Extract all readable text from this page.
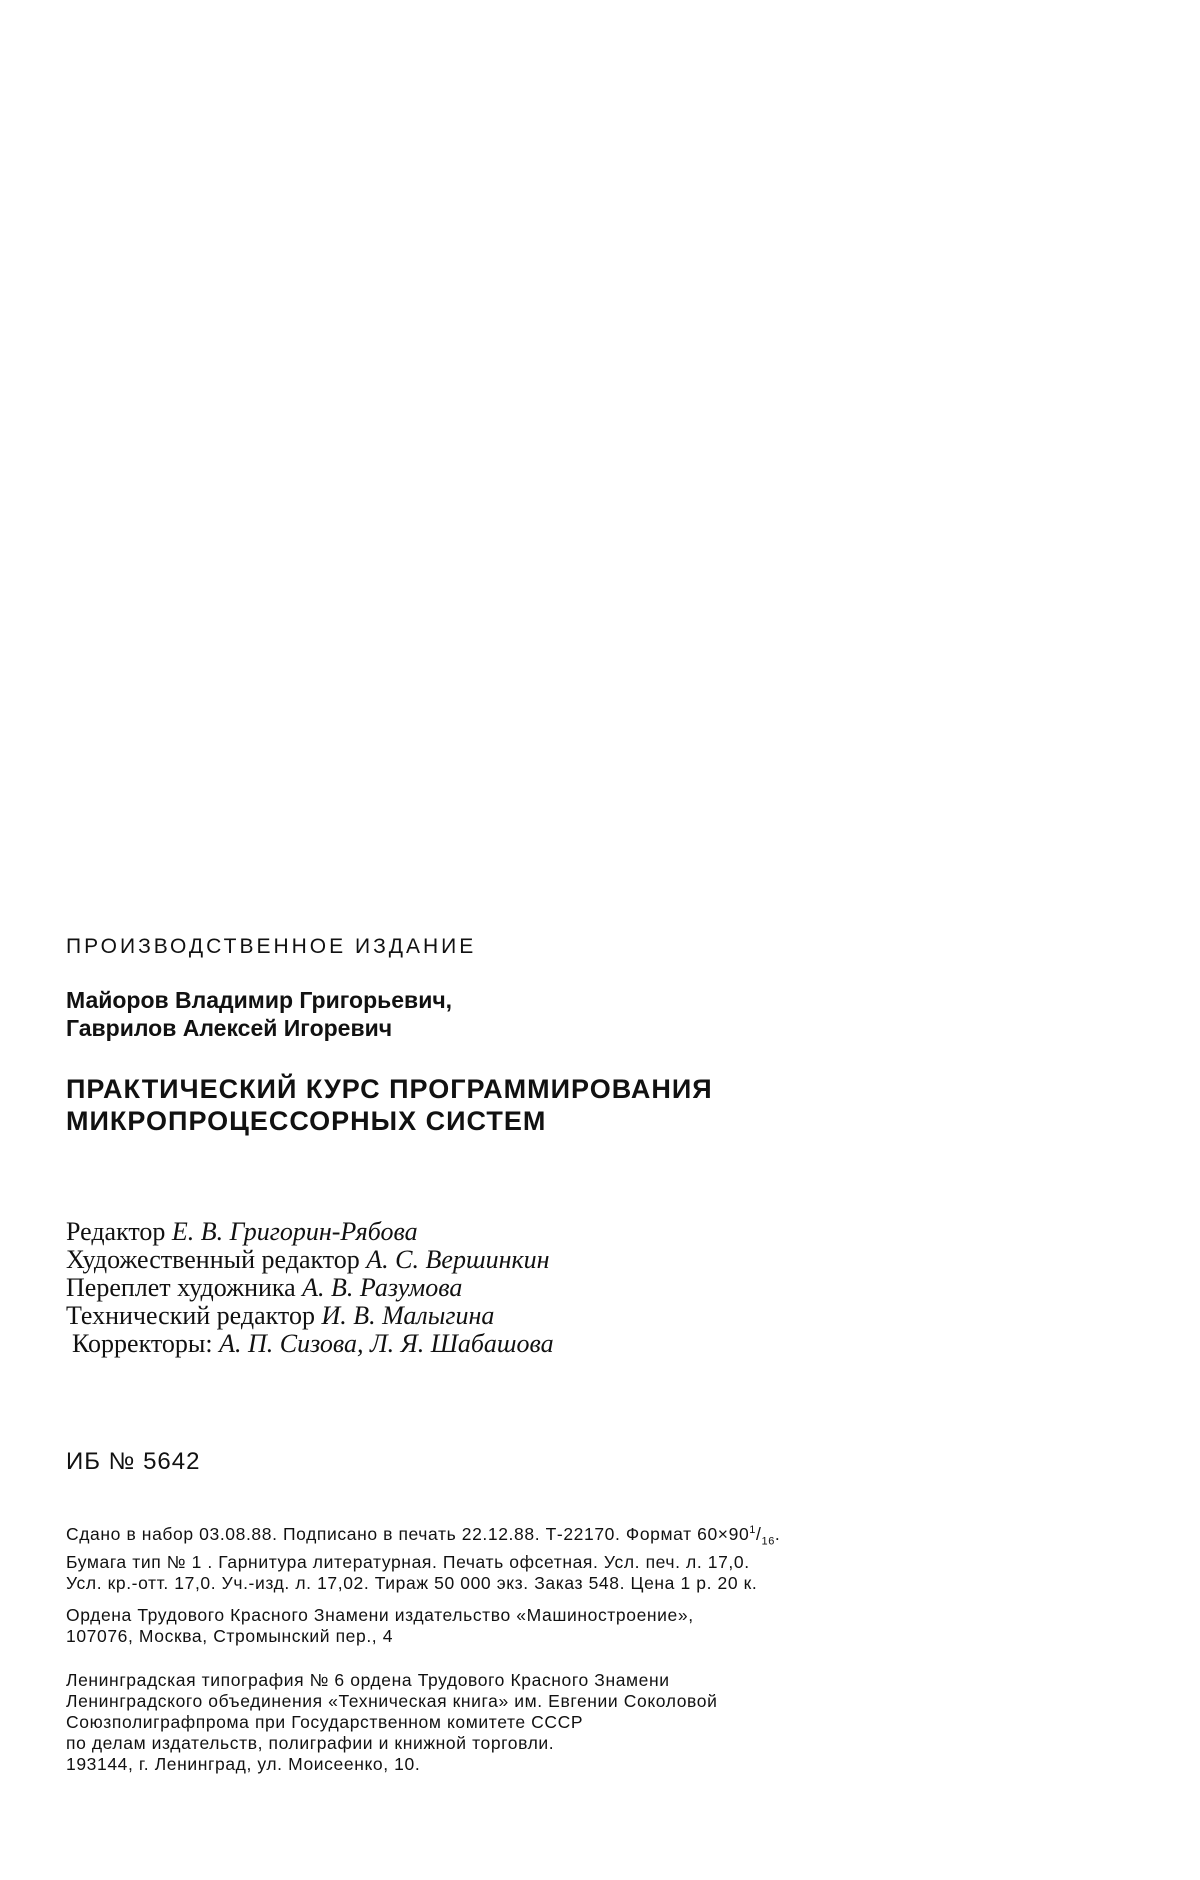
ПРОИЗВОДСТВЕННОЕ ИЗДАНИЕ
Майоров Владимир Григорьевич,
Гаврилов Алексей Игоревич
ПРАКТИЧЕСКИЙ КУРС ПРОГРАММИРОВАНИЯ
МИКРОПРОЦЕССОРНЫХ СИСТЕМ
Редактор Е. В. Григорин-Рябова
Художественный редактор А. С. Вершинкин
Переплет художника А. В. Разумова
Технический редактор И. В. Малыгина
Корректоры: А. П. Сизова, Л. Я. Шабашова
ИБ № 5642
Сдано в набор 03.08.88. Подписано в печать 22.12.88. Т-22170. Формат $60\times 90^1/_{16}$.
Бумага тип № 1 . Гарнитура литературная. Печать офсетная. Усл. печ. л. 17,0.
Усл. кр.-отт. 17,0. Уч.-изд. л. 17,02. Тираж 50 000 экз. Заказ 548. Цена 1 р. 20 к.
Ордена Трудового Красного Знамени издательство «Машиностроение»,
107076, Москва, Стромынский пер., 4
Ленинградская типография № 6 ордена Трудового Красного Знамени
Ленинградского объединения «Техническая книга» им. Евгении Соколовой
Союзполиграфпрома при Государственном комитете СССР
по делам издательств, полиграфии и книжной торговли.
193144, г. Ленинград, ул. Моисеенко, 10.
